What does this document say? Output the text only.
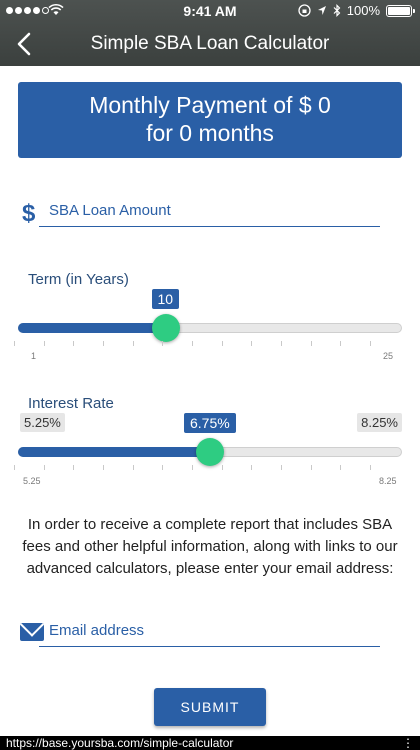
9:41 AM	100%
Simple SBA Loan Calculator
Monthly Payment of $ 0
for 0 months
$
SBA Loan Amount
Term (in Years)
10
1	25
Interest Rate
5.25%	8.25%
6.75%
5.25	8.25
In order to receive a complete report that includes SBA fees and other helpful information, along with links to our advanced calculators, please enter your email address:
Email address
SUBMIT
https://base.yoursba.com/simple-calculator	⋮
